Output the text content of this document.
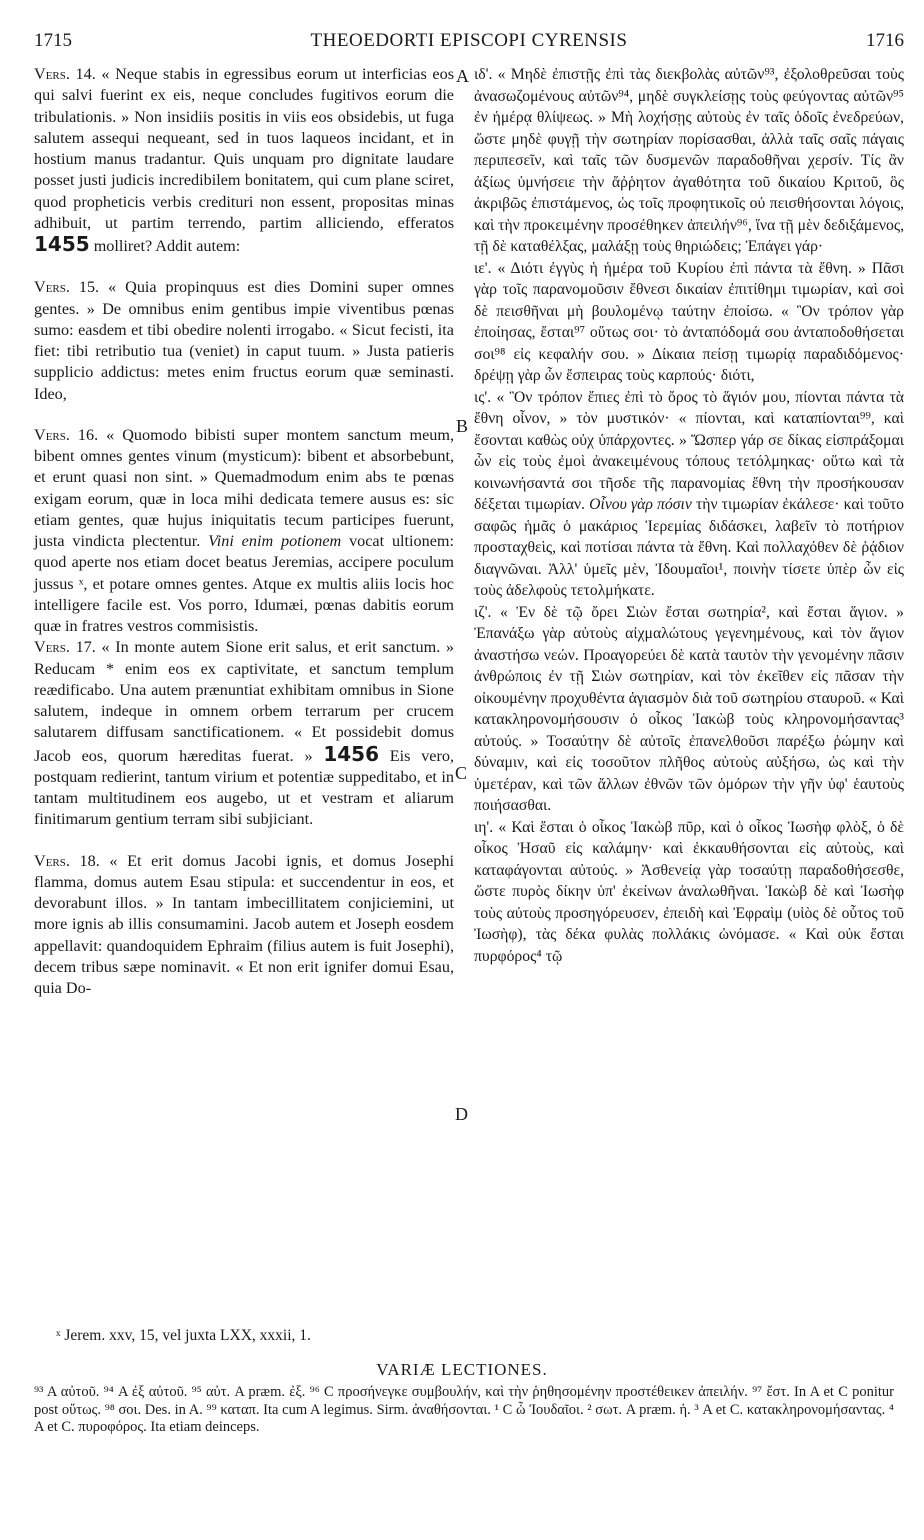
1715	THEOEDORTI EPISCOPI CYRENSIS	1716

Vers. 14. « Neque stabis in egressibus eorum ut interficias eos qui salvi fuerint ex eis, neque concludes fugitivos eorum die tribulationis. » Non insidiis positis in viis eos obsidebis, ut fuga salutem assequi nequeant, sed in tuos laqueos incidant, et in hostium manus tradantur. Quis unquam pro dignitate laudare posset justi judicis incredibilem bonitatem, qui cum plane sciret, quod propheticis verbis crediturі non essent, propositas minas adhibuit, ut partim terrendo, partim alliciendo, efferatos 1455 molliret? Addit autem:

Vers. 15. « Quia propinquus est dies Domini super omnes gentes. » De omnibus enim gentibus impie viventibus pœnas sumo: easdem et tibi obedire nolenti irrogabo. « Sicut fecisti, ita fiet: tibi retributio tua (veniet) in caput tuum. » Justa patieris supplicio addictus: metes enim fructus eorum quæ seminasti. Ideo,

Vers. 16. « Quomodo bibisti super montem sanctum meum, bibent omnes gentes vinum (mysticum): bibent et absorbebunt, et erunt quasi non sint. » Quemadmodum enim abs te pœnas exigam eorum, quæ in loca mihi dedicata temere ausus es: sic etiam gentes, quæ hujus iniquitatis tecum participes fuerunt, justa vindicta plectentur. Vini enim potionem vocat ultionem: quod aperte nos etiam docet beatus Jeremias, accipere poculum jussus ˣ, et potare omnes gentes. Atque ex multis aliis locis hoc intelligere facile est. Vos porro, Idumæi, pœnas dabitis eorum quæ in fratres vestros commisistis.

Vers. 17. « In monte autem Sione erit salus, et erit sanctum. » Reducam * enim eos ex captivitate, et sanctum templum reædificabo. Una autem prænuntiat exhibitam omnibus in Sione salutem, indeque in omnem orbem terrarum per crucem salutarem diffusam sanctificationem. « Et possidebit domus Jacob eos, quorum hæreditas fuerat. » 1456 Eis vero, postquam redierint, tantum virium et potentiæ suppeditabo, et in tantam multitudinem eos augebo, ut et vestram et aliarum finitimarum gentium terram sibi subjiciant.

Vers. 18. « Et erit domus Jacobi ignis, et domus Josephi flamma, domus autem Esau stipula: et succendentur in eos, et devorabunt illos. » In tantam imbecillitatem conjiciemini, ut more ignis ab illis consumamini. Jacob autem et Joseph eosdem appellavit: quandoquidem Ephraim (filius autem is fuit Josephi), decem tribus sæpe nominavit. « Et non erit ignifer domui Esau, quia Do-

A
B
C
D

ιδ'. « Μηδὲ ἐπιστῇς ἐπὶ τὰς διεκβολὰς αὐτῶν⁹³, ἐξολοθρεῦσαι τοὺς ἀνασωζομένους αὐτῶν⁹⁴, μηδὲ συγκλείσῃς τοὺς φεύγοντας αὐτῶν⁹⁵ ἐν ἡμέρᾳ θλίψεως. » Μὴ λοχήσῃς αὐτοὺς ἐν ταῖς ὁδοῖς ἐνεδρεύων, ὥστε μηδὲ φυγῇ τὴν σωτηρίαν πορίσασθαι, ἀλλὰ ταῖς σαῖς πάγαις περιπεσεῖν, καὶ ταῖς τῶν δυσμενῶν παραδοθῆναι χερσίν. Τίς ἂν ἀξίως ὑμνήσειε τὴν ἄῤῥητον ἀγαθότητα τοῦ δικαίου Κριτοῦ, ὃς ἀκριβῶς ἐπιστάμενος, ὡς τοῖς προφητικοῖς οὐ πεισθήσονται λόγοις, καὶ τὴν προκειμένην προσέθηκεν ἀπειλήν⁹⁶, ἵνα τῇ μὲν δεδιξάμενος, τῇ δὲ καταθέλξας, μαλάξῃ τοὺς θηριώδεις; Ἐπάγει γάρ·

ιε'. « Διότι ἐγγὺς ἡ ἡμέρα τοῦ Κυρίου ἐπὶ πάντα τὰ ἔθνη. » Πᾶσι γὰρ τοῖς παρανομοῦσιν ἔθνεσι δικαίαν ἐπιτίθημι τιμωρίαν, καὶ σοὶ δὲ πεισθῆναι μὴ βουλομένῳ ταύτην ἐποίσω. « Ὃν τρόπον γὰρ ἐποίησας, ἔσται⁹⁷ οὕτως σοι· τὸ ἀνταπόδομά σου ἀνταποδοθήσεται σοι⁹⁸ εἰς κεφαλήν σου. » Δίκαια πείσῃ τιμωρίᾳ παραδιδόμενος· δρέψῃ γὰρ ὧν ἔσπειρας τοὺς καρπούς· διότι,

ις'. « Ὃν τρόπον ἔπιες ἐπὶ τὸ ὄρος τὸ ἅγιόν μου, πίονται πάντα τὰ ἔθνη οἶνον, » τὸν μυστικόν· « πίονται, καὶ καταπίονται⁹⁹, καὶ ἔσονται καθὼς οὐχ ὑπάρχοντες. » Ὥσπερ γάρ σε δίκας εἰσπράξομαι ὧν εἰς τοὺς ἐμοὶ ἀνακειμένους τόπους τετόλμηκας· οὕτω καὶ τὰ κοινωνήσαντά σοι τῆσδε τῆς παρανομίας ἔθνη τὴν προσήκουσαν δέξεται τιμωρίαν. Οἶνου γὰρ πόσιν τὴν τιμωρίαν ἐκάλεσε· καὶ τοῦτο σαφῶς ἡμᾶς ὁ μακάριος Ἱερεμίας διδάσκει, λαβεῖν τὸ ποτήριον προσταχθεὶς, καὶ ποτίσαι πάντα τὰ ἔθνη. Καὶ πολλαχόθεν δὲ ῥᾴδιον διαγνῶναι. Ἀλλ' ὑμεῖς μὲν, Ἰδουμαῖοι¹, ποινὴν τίσετε ὑπὲρ ὧν εἰς τοὺς ἀδελφοὺς τετολμήκατε.

ιζ'. « Ἐν δὲ τῷ ὄρει Σιὼν ἔσται σωτηρία², καὶ ἔσται ἅγιον. » Ἐπανάξω γὰρ αὐτοὺς αἰχμαλώτους γεγενημένους, καὶ τὸν ἅγιον ἀναστήσω νεών. Προαγορεύει δὲ κατὰ ταυτὸν τὴν γενομένην πᾶσιν ἀνθρώποις ἐν τῇ Σιὼν σωτηρίαν, καὶ τὸν ἐκεῖθεν εἰς πᾶσαν τὴν οἰκουμένην προχυθέντα ἁγιασμὸν διὰ τοῦ σωτηρίου σταυροῦ. « Καὶ κατακληρονομήσουσιν ὁ οἶκος Ἰακὼβ τοὺς κληρονομήσαντας³ αὐτούς. » Τοσαύτην δὲ αὐτοῖς ἐπανελθοῦσι παρέξω ῥώμην καὶ δύναμιν, καὶ εἰς τοσοῦτον πλῆθος αὐτοὺς αὐξήσω, ὡς καὶ τὴν ὑμετέραν, καὶ τῶν ἄλλων ἐθνῶν τῶν ὁμόρων τὴν γῆν ὑφ' ἑαυτοὺς ποιήσασθαι.

ιη'. « Καὶ ἔσται ὁ οἶκος Ἰακὼβ πῦρ, καὶ ὁ οἶκος Ἰωσὴφ φλὸξ, ὁ δὲ οἶκος Ἠσαῦ εἰς καλάμην· καὶ ἐκκαυθήσονται εἰς αὐτοὺς, καὶ καταφάγονται αὐτούς. » Ἀσθενείᾳ γὰρ τοσαύτῃ παραδοθήσεσθε, ὥστε πυρὸς δίκην ὑπ' ἐκείνων ἀναλωθῆναι. Ἰακὼβ δὲ καὶ Ἰωσὴφ τοὺς αὐτοὺς προσηγόρευσεν, ἐπειδὴ καὶ Ἐφραὶμ (υἱὸς δὲ οὗτος τοῦ Ἰωσὴφ), τὰς δέκα φυλὰς πολλάκις ὠνόμασε. « Καὶ οὐκ ἔσται πυρφόρος⁴ τῷ

ˣ Jerem. xxv, 15, vel juxta LXX, xxxii, 1.
VARIÆ LECTIONES.
⁹³ A αὐτοῦ. ⁹⁴ A ἐξ αὐτοῦ. ⁹⁵ αὐτ. A præm. ἐξ. ⁹⁶ C προσήνεγκε συμβουλήν, καὶ τὴν ῥηθησομένην προστέθεικεν ἀπειλήν. ⁹⁷ ἔστ. In A et C ponitur post οὕτως. ⁹⁸ σοι. Des. in A. ⁹⁹ καταπ. Ita cum A legimus. Sirm. ἀναθήσονται. ¹ C ὦ Ἰουδαῖοι. ² σωτ. A præm. ἡ. ³ A et C. κατακληρονομήσαντας. ⁴ A et C. πυροφόρος. Ita etiam deinceps.
